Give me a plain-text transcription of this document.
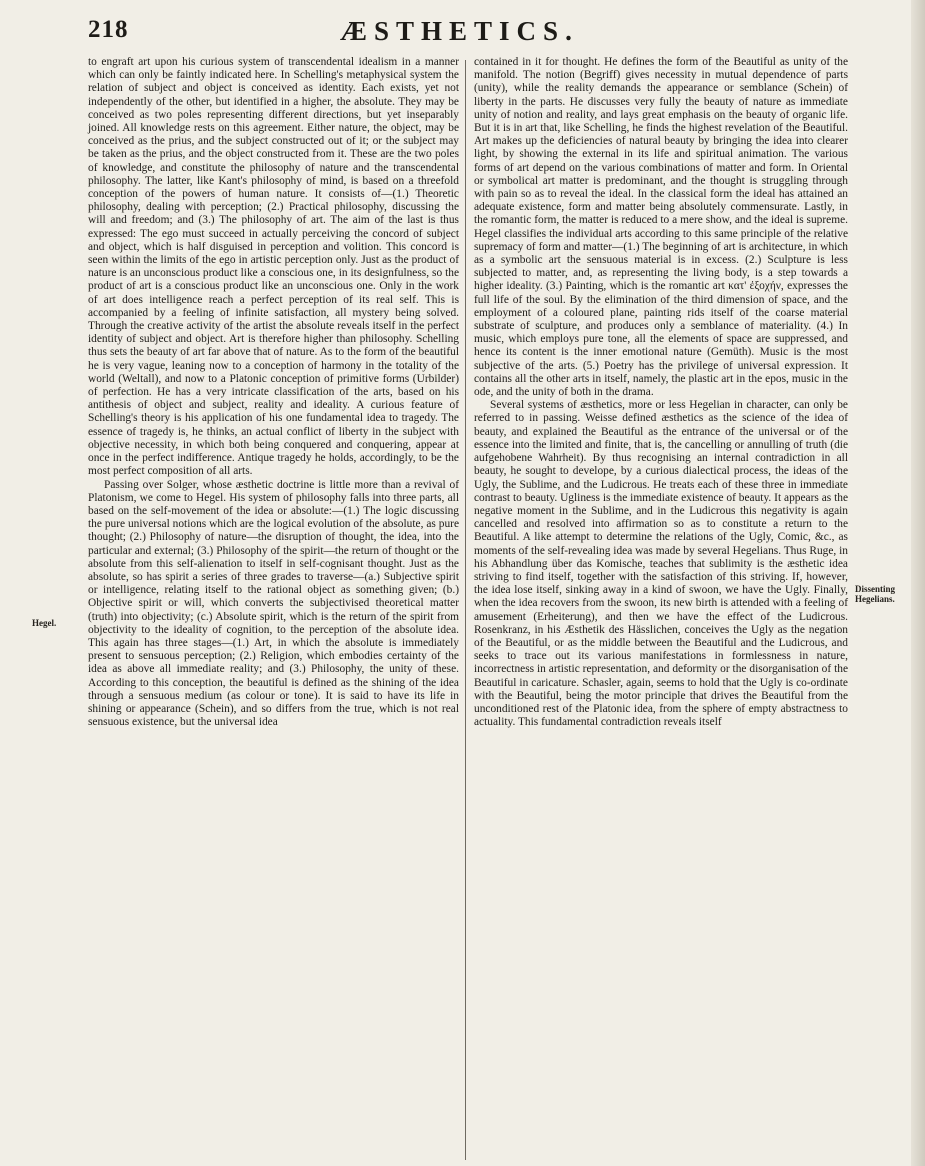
218	ÆSTHETICS.
Hegel.
Dissenting Hegelians.

to engraft art upon his curious system of transcendental idealism in a manner which can only be faintly indicated here. In Schelling's metaphysical system the relation of subject and object is conceived as identity. Each exists, yet not independently of the other, but identified in a higher, the absolute. They may be conceived as two poles representing different directions, but yet inseparably joined. All knowledge rests on this agreement. Either nature, the object, may be conceived as the prius, and the subject constructed out of it; or the subject may be taken as the prius, and the object constructed from it. These are the two poles of knowledge, and constitute the philosophy of nature and the transcendental philosophy. The latter, like Kant's philosophy of mind, is based on a threefold conception of the powers of human nature. It consists of—(1.) Theoretic philosophy, dealing with perception; (2.) Practical philosophy, discussing the will and freedom; and (3.) The philosophy of art. The aim of the last is thus expressed: The ego must succeed in actually perceiving the concord of subject and object, which is half disguised in perception and volition. This concord is seen within the limits of the ego in artistic perception only. Just as the product of nature is an unconscious product like a conscious one, in its designfulness, so the product of art is a conscious product like an unconscious one. Only in the work of art does intelligence reach a perfect perception of its real self. This is accompanied by a feeling of infinite satisfaction, all mystery being solved. Through the creative activity of the artist the absolute reveals itself in the perfect identity of subject and object. Art is therefore higher than philosophy. Schelling thus sets the beauty of art far above that of nature. As to the form of the beautiful he is very vague, leaning now to a conception of harmony in the totality of the world (Weltall), and now to a Platonic conception of primitive forms (Urbilder) of perfection. He has a very intricate classification of the arts, based on his antithesis of object and subject, reality and ideality. A curious feature of Schelling's theory is his application of his one fundamental idea to tragedy. The essence of tragedy is, he thinks, an actual conflict of liberty in the subject with objective necessity, in which both being conquered and conquering, appear at once in the perfect indifference. Antique tragedy he holds, accordingly, to be the most perfect composition of all arts.

Passing over Solger, whose æsthetic doctrine is little more than a revival of Platonism, we come to Hegel. His system of philosophy falls into three parts, all based on the self-movement of the idea or absolute:—(1.) The logic discussing the pure universal notions which are the logical evolution of the absolute, as pure thought; (2.) Philosophy of nature—the disruption of thought, the idea, into the particular and external; (3.) Philosophy of the spirit—the return of thought or the absolute from this self-alienation to itself in self-cognisant thought. Just as the absolute, so has spirit a series of three grades to traverse—(a.) Subjective spirit or intelligence, relating itself to the rational object as something given; (b.) Objective spirit or will, which converts the subjectivised theoretical matter (truth) into objectivity; (c.) Absolute spirit, which is the return of the spirit from objectivity to the ideality of cognition, to the perception of the absolute idea. This again has three stages—(1.) Art, in which the absolute is immediately present to sensuous perception; (2.) Religion, which embodies certainty of the idea as above all immediate reality; and (3.) Philosophy, the unity of these. According to this conception, the beautiful is defined as the shining of the idea through a sensuous medium (as colour or tone). It is said to have its life in shining or appearance (Schein), and so differs from the true, which is not real sensuous existence, but the universal idea

contained in it for thought. He defines the form of the Beautiful as unity of the manifold. The notion (Begriff) gives necessity in mutual dependence of parts (unity), while the reality demands the appearance or semblance (Schein) of liberty in the parts. He discusses very fully the beauty of nature as immediate unity of notion and reality, and lays great emphasis on the beauty of organic life. But it is in art that, like Schelling, he finds the highest revelation of the Beautiful. Art makes up the deficiencies of natural beauty by bringing the idea into clearer light, by showing the external in its life and spiritual animation. The various forms of art depend on the various combinations of matter and form. In Oriental or symbolical art matter is predominant, and the thought is struggling through with pain so as to reveal the ideal. In the classical form the ideal has attained an adequate existence, form and matter being absolutely commensurate. Lastly, in the romantic form, the matter is reduced to a mere show, and the ideal is supreme. Hegel classifies the individual arts according to this same principle of the relative supremacy of form and matter—(1.) The beginning of art is architecture, in which as a symbolic art the sensuous material is in excess. (2.) Sculpture is less subjected to matter, and, as representing the living body, is a step towards a higher ideality. (3.) Painting, which is the romantic art κατ' ἐξοχήν, expresses the full life of the soul. By the elimination of the third dimension of space, and the employment of a coloured plane, painting rids itself of the coarse material substrate of sculpture, and produces only a semblance of materiality. (4.) In music, which employs pure tone, all the elements of space are suppressed, and hence its content is the inner emotional nature (Gemüth). Music is the most subjective of the arts. (5.) Poetry has the privilege of universal expression. It contains all the other arts in itself, namely, the plastic art in the epos, music in the ode, and the unity of both in the drama.

Several systems of æsthetics, more or less Hegelian in character, can only be referred to in passing. Weisse defined æsthetics as the science of the idea of beauty, and explained the Beautiful as the entrance of the universal or of the essence into the limited and finite, that is, the cancelling or annulling of truth (die aufgehobene Wahrheit). By thus recognising an internal contradiction in all beauty, he sought to develope, by a curious dialectical process, the ideas of the Ugly, the Sublime, and the Ludicrous. He treats each of these three in immediate contrast to beauty. Ugliness is the immediate existence of beauty. It appears as the negative moment in the Sublime, and in the Ludicrous this negativity is again cancelled and resolved into affirmation so as to constitute a return to the Beautiful. A like attempt to determine the relations of the Ugly, Comic, &c., as moments of the self-revealing idea was made by several Hegelians. Thus Ruge, in his Abhandlung über das Komische, teaches that sublimity is the æsthetic idea striving to find itself, together with the satisfaction of this striving. If, however, the idea lose itself, sinking away in a kind of swoon, we have the Ugly. Finally, when the idea recovers from the swoon, its new birth is attended with a feeling of amusement (Erheiterung), and then we have the effect of the Ludicrous. Rosenkranz, in his Æsthetik des Hässlichen, conceives the Ugly as the negation of the Beautiful, or as the middle between the Beautiful and the Ludicrous, and seeks to trace out its various manifestations in formlessness in nature, incorrectness in artistic representation, and deformity or the disorganisation of the Beautiful in caricature. Schasler, again, seems to hold that the Ugly is co-ordinate with the Beautiful, being the motor principle that drives the Beautiful from the unconditioned rest of the Platonic idea, from the sphere of empty abstractness to actuality. This fundamental contradiction reveals itself
